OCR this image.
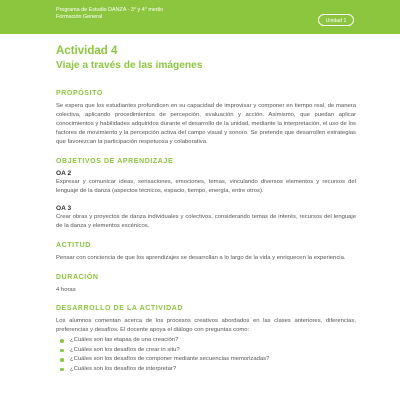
Programa de Estudio DANZA - 3° y 4° medio
Formación General
Unidad 1
Actividad 4
Viaje a través de las imágenes
PROPÓSITO

Se espera que los estudiantes profundicen en su capacidad de improvisar y componer en tiempo real, de manera colectiva, aplicando procedimientos de percepción, evaluación y acción. Asimismo, que puedan aplicar conocimientos y habilidades adquiridos durante el desarrollo de la unidad, mediante la interpretación, el uso de los factores de movimiento y la percepción activa del campo visual y sonoro. Se pretende que desarrollen estrategias que favorezcan la participación respetuosa y colaborativa.

OBJETIVOS DE APRENDIZAJE
OA 2

Expresar y comunicar ideas, sensaciones, emociones, temas, vinculando diversos elementos y recursos del lenguaje de la danza (aspectos técnicos, espacio, tiempo, energía, entre otros).

OA 3

Crear obras y proyectos de danza individuales y colectivos, considerando temas de interés, recursos del lenguaje de la danza y elementos escénicos.

ACTITUD

Pensar con conciencia de que los aprendizajes se desarrollan a lo largo de la vida y enriquecen la experiencia.

DURACIÓN

4 horas

DESARROLLO DE LA ACTIVIDAD

Los alumnos comentan acerca de los procesos creativos abordados en las clases anteriores, diferencias, preferencias y desafíos. El docente apoya el diálogo con preguntas como:

¿Cuáles son las etapas de una creación?
¿Cuáles son los desafíos de crear in situ?
¿Cuáles son los desafíos de componer mediante secuencias memorizadas?
¿Cuáles son los desafíos de interpretar?
